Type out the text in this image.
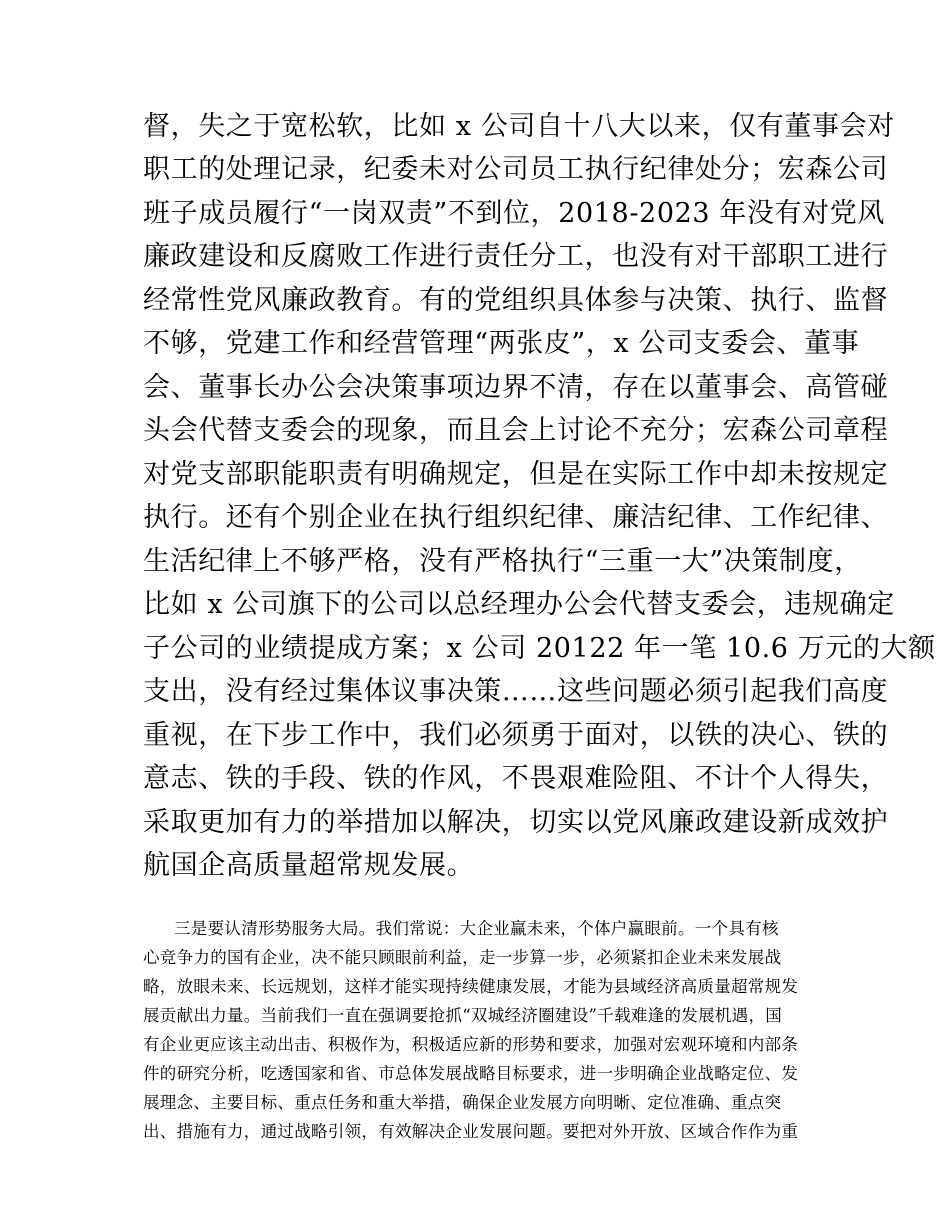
督，失之于宽松软，比如 x 公司自十八大以来，仅有董事会对
职工的处理记录，纪委未对公司员工执行纪律处分；宏森公司
班子成员履行“一岗双责”不到位，2018-2023 年没有对党风
廉政建设和反腐败工作进行责任分工，也没有对干部职工进行
经常性党风廉政教育。有的党组织具体参与决策、执行、监督
不够，党建工作和经营管理“两张皮”，x 公司支委会、董事
会、董事长办公会决策事项边界不清，存在以董事会、高管碰
头会代替支委会的现象，而且会上讨论不充分；宏森公司章程
对党支部职能职责有明确规定，但是在实际工作中却未按规定
执行。还有个别企业在执行组织纪律、廉洁纪律、工作纪律、
生活纪律上不够严格，没有严格执行“三重一大”决策制度，
比如 x 公司旗下的公司以总经理办公会代替支委会，违规确定
子公司的业绩提成方案；x 公司 20122 年一笔 10.6 万元的大额
支出，没有经过集体议事决策……这些问题必须引起我们高度
重视，在下步工作中，我们必须勇于面对，以铁的决心、铁的
意志、铁的手段、铁的作风，不畏艰难险阻、不计个人得失，
采取更加有力的举措加以解决，切实以党风廉政建设新成效护
航国企高质量超常规发展。
三是要认清形势服务大局。我们常说：大企业赢未来，个体户赢眼前。一个具有核
心竞争力的国有企业，决不能只顾眼前利益，走一步算一步，必须紧扣企业未来发展战
略，放眼未来、长远规划，这样才能实现持续健康发展，才能为县域经济高质量超常规发
展贡献出力量。当前我们一直在强调要抢抓“双城经济圈建设”千载难逢的发展机遇，国
有企业更应该主动出击、积极作为，积极适应新的形势和要求，加强对宏观环境和内部条
件的研究分析，吃透国家和省、市总体发展战略目标要求，进一步明确企业战略定位、发
展理念、主要目标、重点任务和重大举措，确保企业发展方向明晰、定位准确、重点突
出、措施有力，通过战略引领，有效解决企业发展问题。要把对外开放、区域合作作为重
